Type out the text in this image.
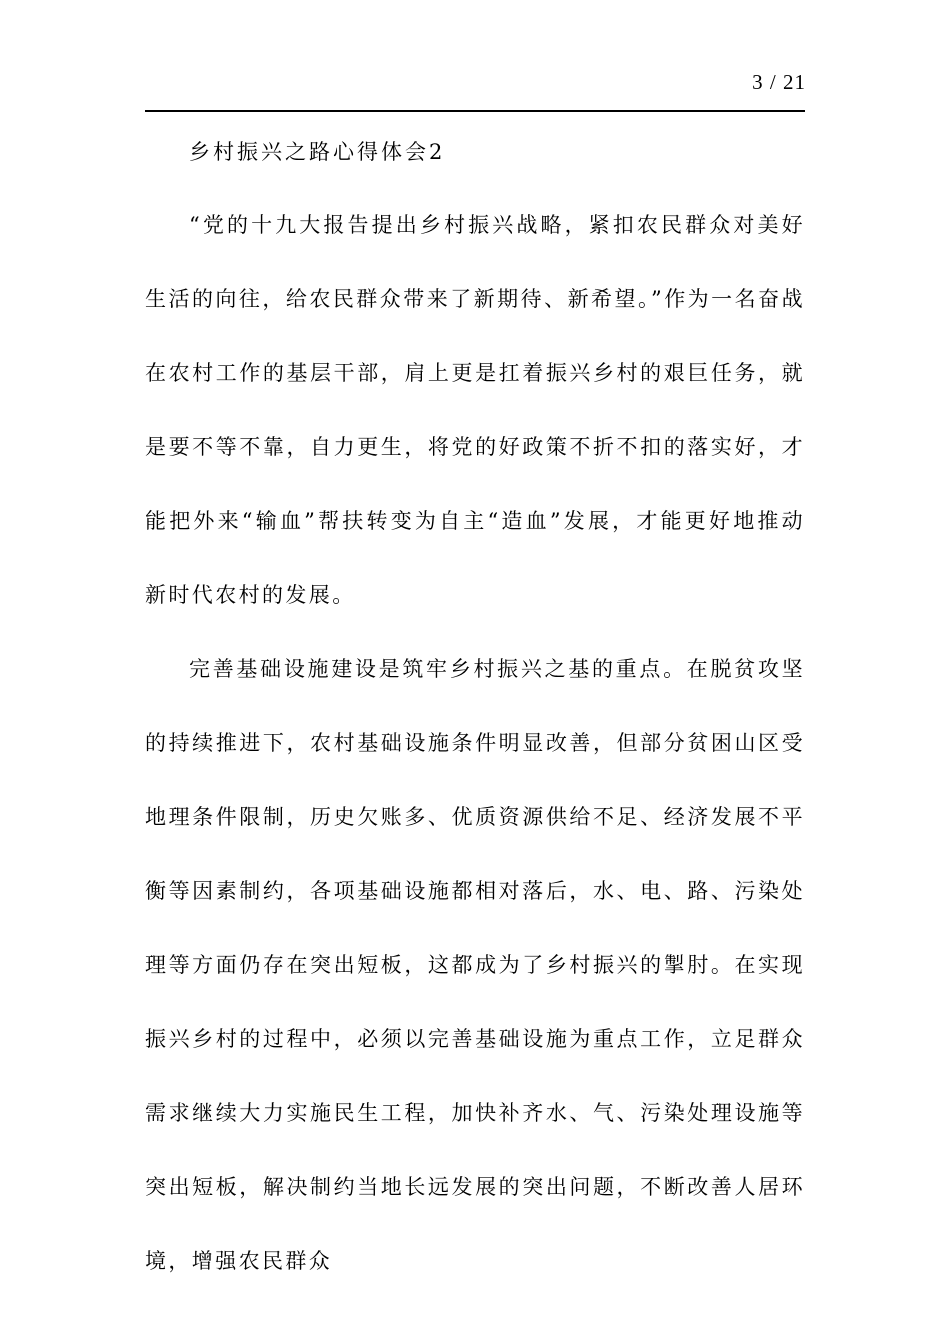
3 / 21
乡村振兴之路心得体会2

“党的十九大报告提出乡村振兴战略，紧扣农民群众对美好生活的向往，给农民群众带来了新期待、新希望。”作为一名奋战在农村工作的基层干部，肩上更是扛着振兴乡村的艰巨任务，就是要不等不靠，自力更生，将党的好政策不折不扣的落实好，才能把外来“输血”帮扶转变为自主“造血”发展，才能更好地推动新时代农村的发展。

完善基础设施建设是筑牢乡村振兴之基的重点。在脱贫攻坚的持续推进下，农村基础设施条件明显改善，但部分贫困山区受地理条件限制，历史欠账多、优质资源供给不足、经济发展不平衡等因素制约，各项基础设施都相对落后，水、电、路、污染处理等方面仍存在突出短板，这都成为了乡村振兴的掣肘。在实现振兴乡村的过程中，必须以完善基础设施为重点工作，立足群众需求继续大力实施民生工程，加快补齐水、气、污染处理设施等突出短板，解决制约当地长远发展的突出问题，不断改善人居环境，增强农民群众
